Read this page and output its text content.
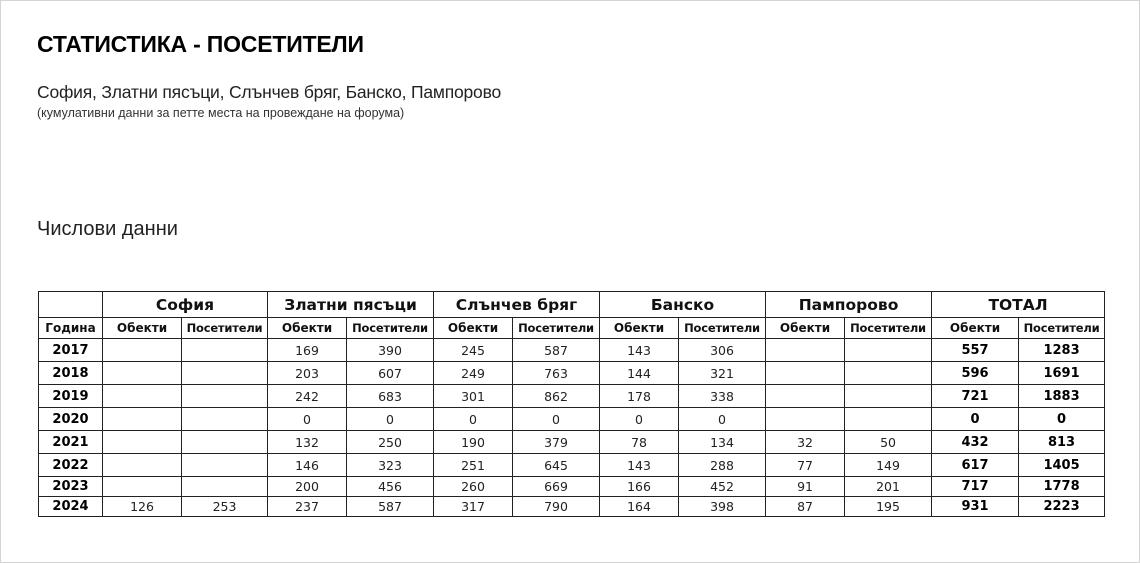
СТАТИСТИКА - ПОСЕТИТЕЛИ
София, Златни пясъци, Слънчев бряг, Банско, Пампорово
(кумулативни данни за петте места на провеждане на форума)
Числови данни
	София		Златни пясъци		Слънчев бряг		Банско		Пампорово		ТОТАЛ	
Година	Обекти	Посетители	Обекти	Посетители	Обекти	Посетители	Обекти	Посетители	Обекти	Посетители	Обекти	Посетители
2017			169	390	245	587	143	306			557	1283
2018			203	607	249	763	144	321			596	1691
2019			242	683	301	862	178	338			721	1883
2020			0	0	0	0	0	0			0	0
2021			132	250	190	379	78	134	32	50	432	813
2022			146	323	251	645	143	288	77	149	617	1405
2023			200	456	260	669	166	452	91	201	717	1778
2024	126	253	237	587	317	790	164	398	87	195	931	2223
